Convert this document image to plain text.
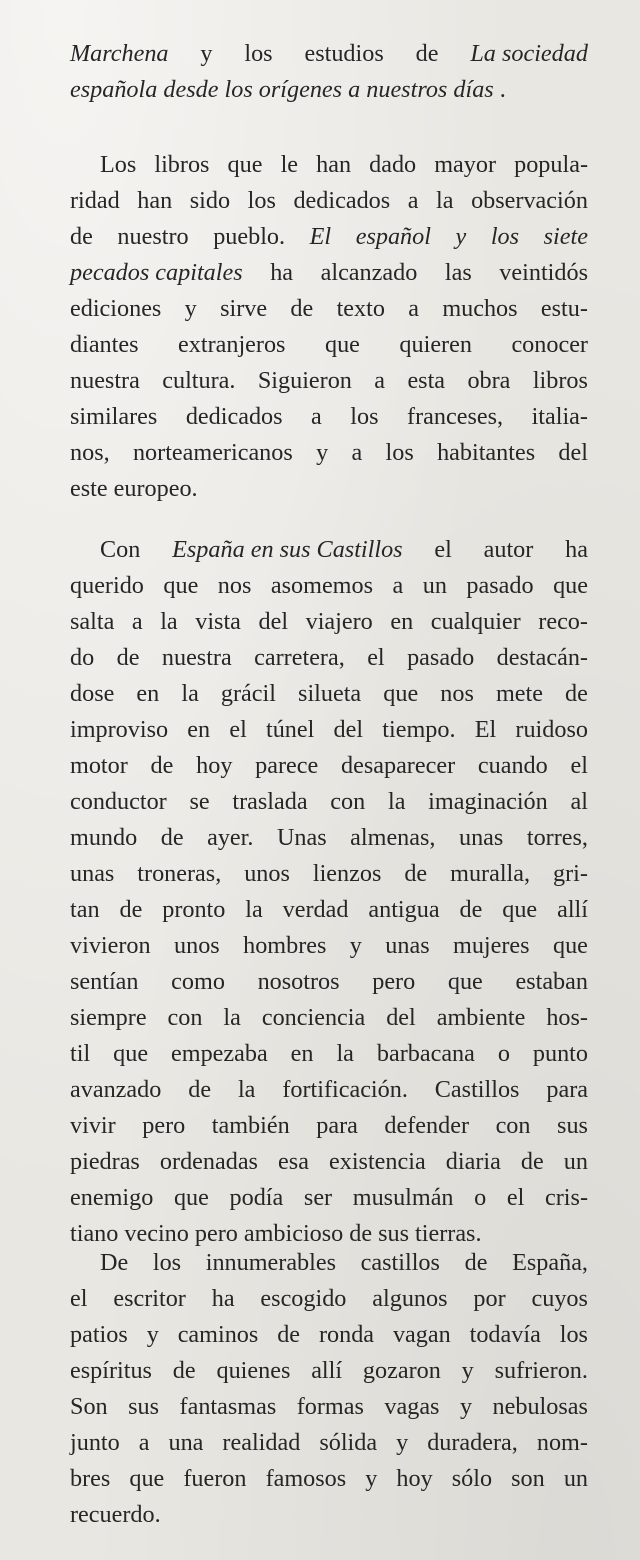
Marchena y los estudios de La sociedad
española desde los orígenes a nuestros días .
Los libros que le han dado mayor popula-
ridad han sido los dedicados a la observación
de nuestro pueblo. El español y los siete
pecados capitales ha alcanzado las veintidós
ediciones y sirve de texto a muchos estu-
diantes extranjeros que quieren conocer
nuestra cultura. Siguieron a esta obra libros
similares dedicados a los franceses, italia-
nos, norteamericanos y a los habitantes del
este europeo.
Con España en sus Castillos el autor ha
querido que nos asomemos a un pasado que
salta a la vista del viajero en cualquier reco-
do de nuestra carretera, el pasado destacán-
dose en la grácil silueta que nos mete de
improviso en el túnel del tiempo. El ruidoso
motor de hoy parece desaparecer cuando el
conductor se traslada con la imaginación al
mundo de ayer. Unas almenas, unas torres,
unas troneras, unos lienzos de muralla, gri-
tan de pronto la verdad antigua de que allí
vivieron unos hombres y unas mujeres que
sentían como nosotros pero que estaban
siempre con la conciencia del ambiente hos-
til que empezaba en la barbacana o punto
avanzado de la fortificación. Castillos para
vivir pero también para defender con sus
piedras ordenadas esa existencia diaria de un
enemigo que podía ser musulmán o el cris-
tiano vecino pero ambicioso de sus tierras.
De los innumerables castillos de España,
el escritor ha escogido algunos por cuyos
patios y caminos de ronda vagan todavía los
espíritus de quienes allí gozaron y sufrieron.
Son sus fantasmas formas vagas y nebulosas
junto a una realidad sólida y duradera, nom-
bres que fueron famosos y hoy sólo son un
recuerdo.
